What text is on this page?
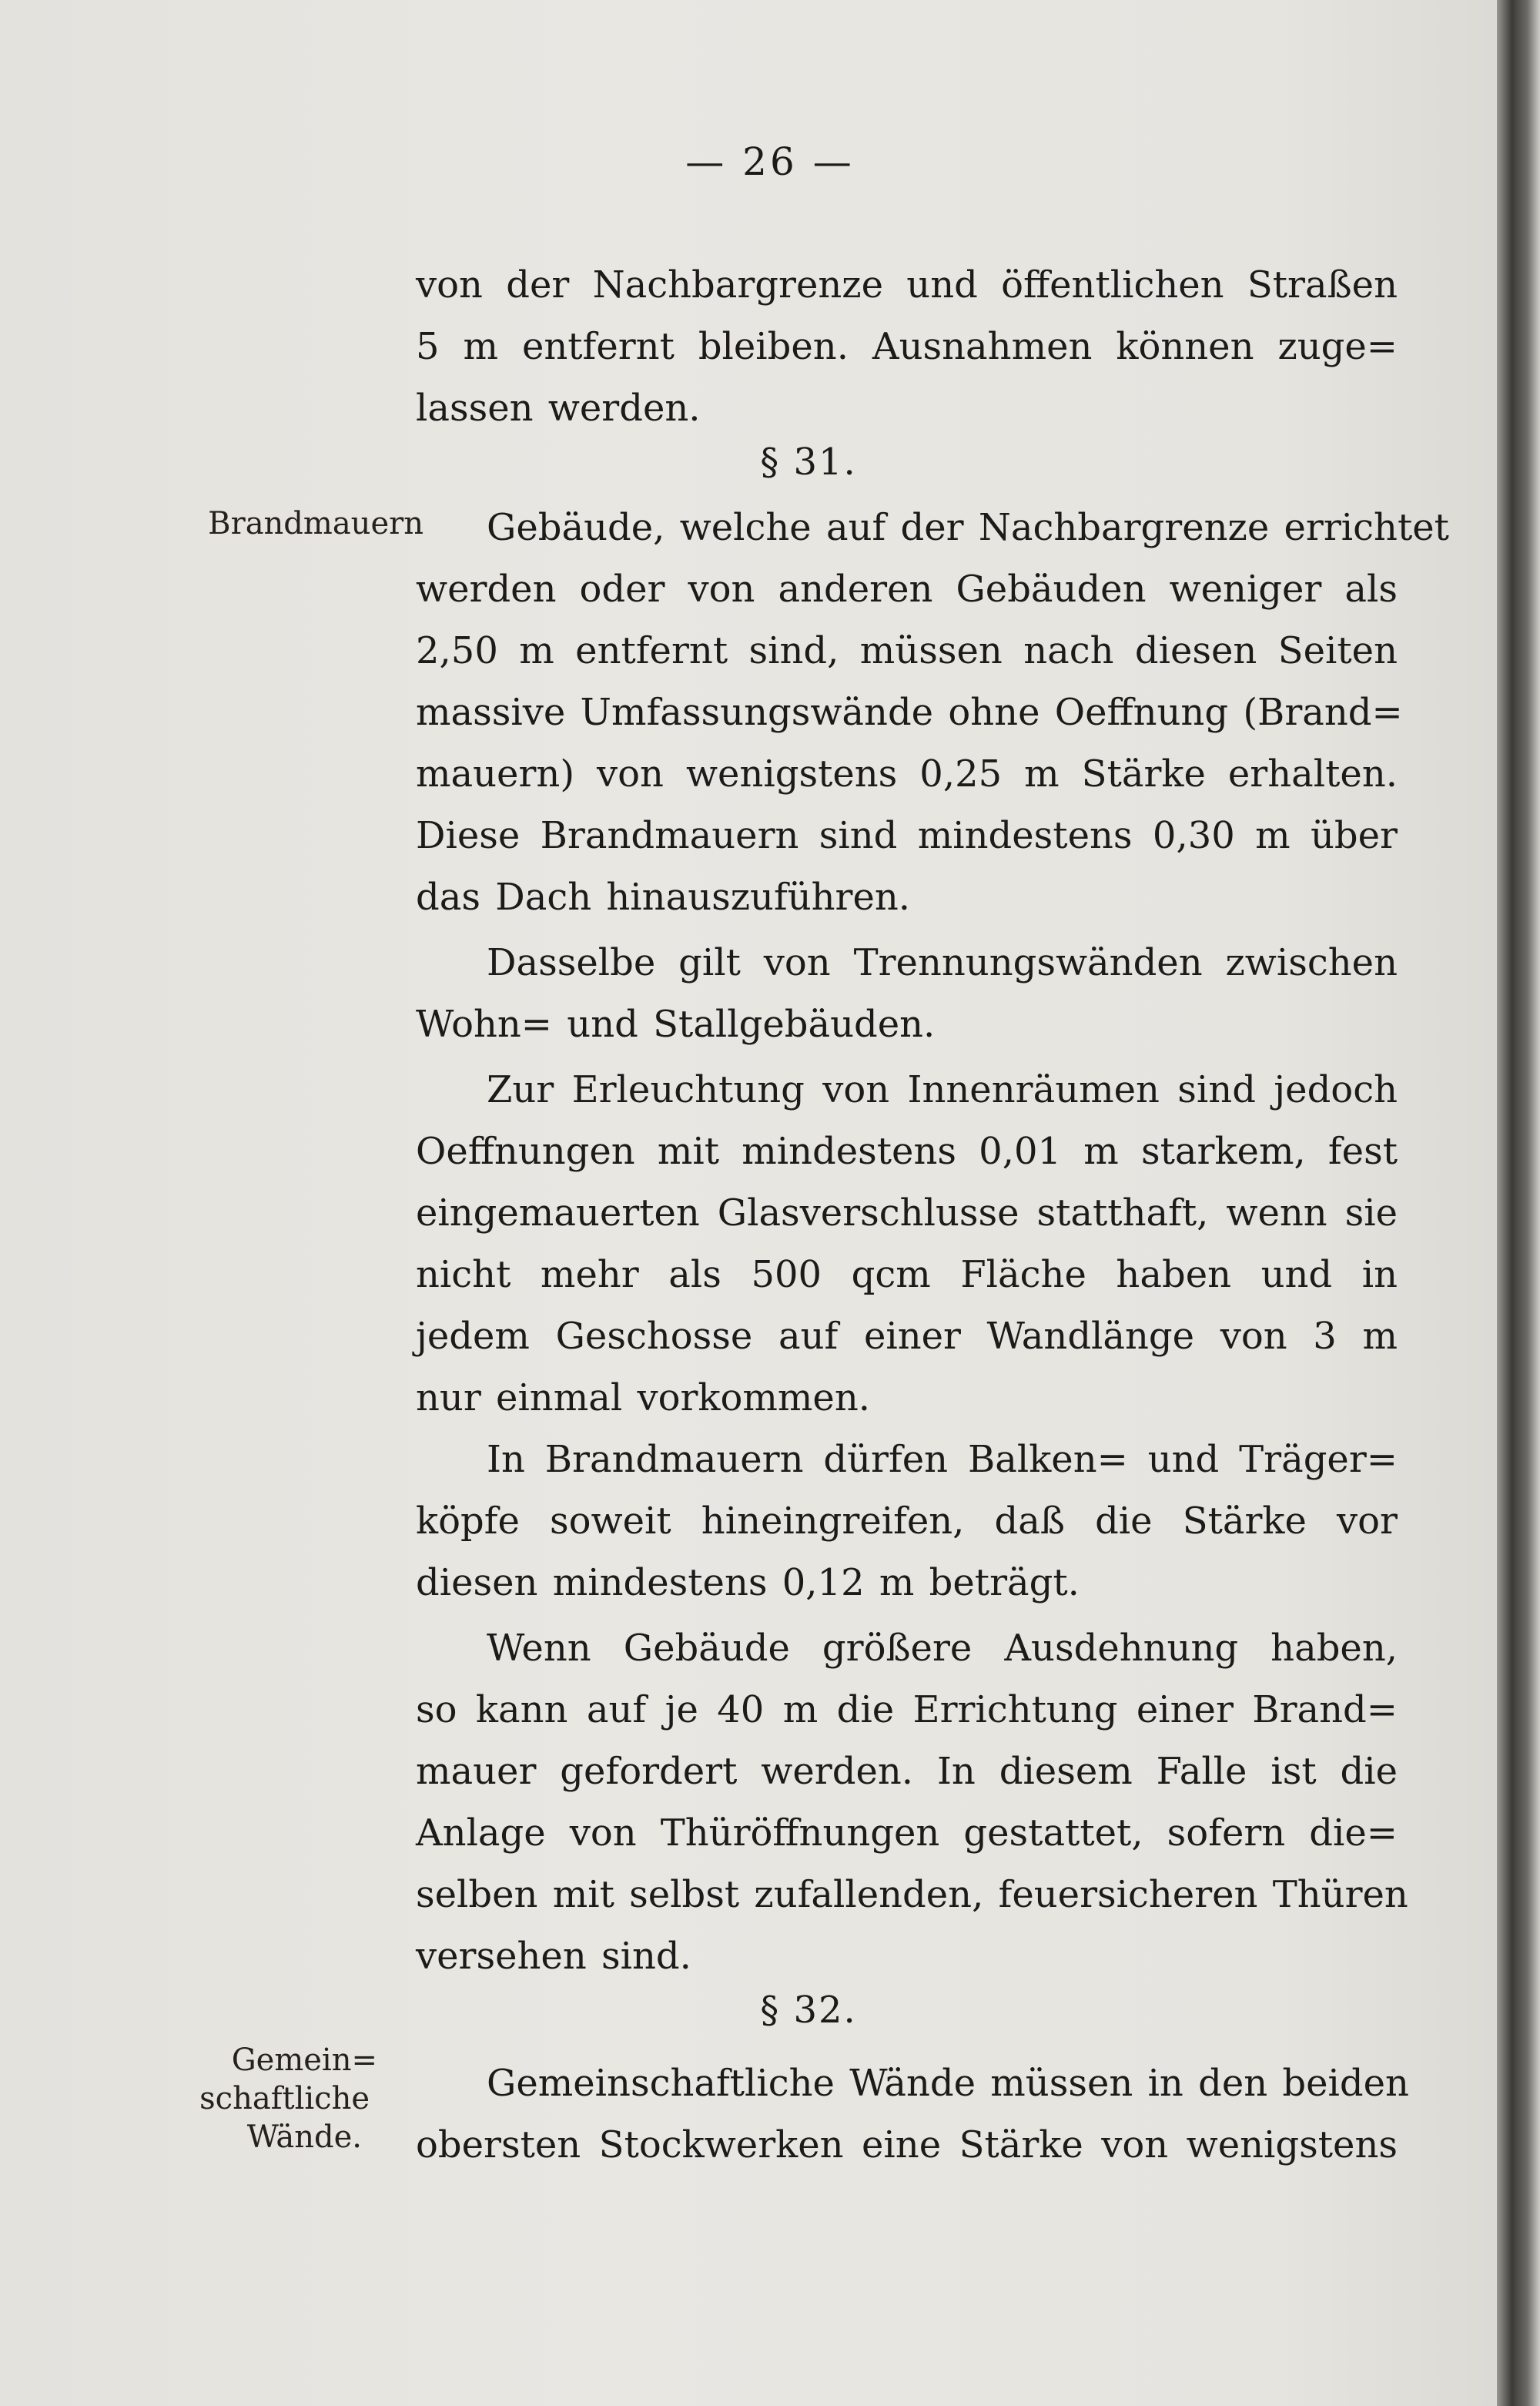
— 26 —
Brandmauern
Gemein=
schaftliche
Wände.
§ 31.
§ 32.
von der Nachbargrenze und öffentlichen Straßen
5 m entfernt bleiben. Ausnahmen können zuge=
lassen werden.
Gebäude, welche auf der Nachbargrenze errichtet
werden oder von anderen Gebäuden weniger als
2,50 m entfernt sind, müssen nach diesen Seiten
massive Umfassungswände ohne Oeffnung (Brand=
mauern) von wenigstens 0,25 m Stärke erhalten.
Diese Brandmauern sind mindestens 0,30 m über
das Dach hinauszuführen.
Dasselbe gilt von Trennungswänden zwischen
Wohn= und Stallgebäuden.
Zur Erleuchtung von Innenräumen sind jedoch
Oeffnungen mit mindestens 0,01 m starkem, fest
eingemauerten Glasverschlusse statthaft, wenn sie
nicht mehr als 500 qcm Fläche haben und in
jedem Geschosse auf einer Wandlänge von 3 m
nur einmal vorkommen.
In Brandmauern dürfen Balken= und Träger=
köpfe soweit hineingreifen, daß die Stärke vor
diesen mindestens 0,12 m beträgt.
Wenn Gebäude größere Ausdehnung haben,
so kann auf je 40 m die Errichtung einer Brand=
mauer gefordert werden. In diesem Falle ist die
Anlage von Thüröffnungen gestattet, sofern die=
selben mit selbst zufallenden, feuersicheren Thüren
versehen sind.
Gemeinschaftliche Wände müssen in den beiden
obersten Stockwerken eine Stärke von wenigstens
